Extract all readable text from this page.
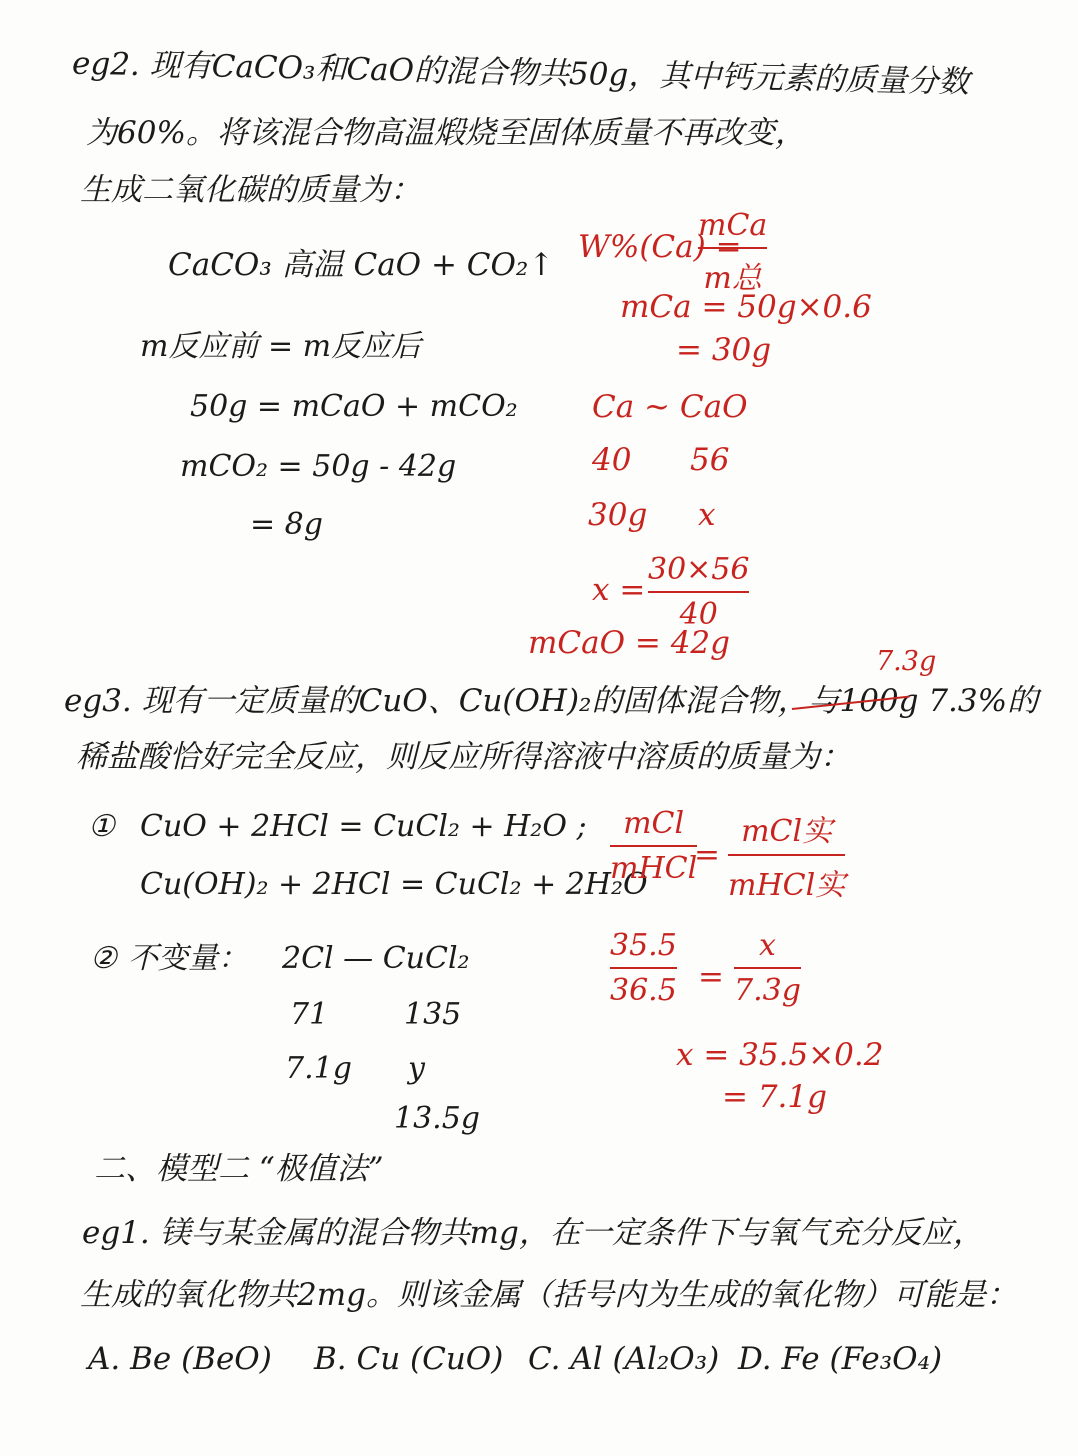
eg2. 现有CaCO₃和CaO的混合物共50g，其中钙元素的质量分数
为60%。将该混合物高温煅烧至固体质量不再改变，
生成二氧化碳的质量为：
CaCO₃ 高温 CaO + CO₂↑
m反应前 = m反应后
50g = mCaO + mCO₂
mCO₂ = 50g - 42g
= 8g
W%(Ca) =
mCa
m总
mCa = 50g×0.6
= 30g
Ca ~ CaO
40 56
30g x
x =
30×56
40
mCaO = 42g
7.3g
eg3. 现有一定质量的CuO、Cu(OH)₂的固体混合物，与100g 7.3%的
稀盐酸恰好完全反应，则反应所得溶液中溶质的质量为：
① CuO + 2HCl = CuCl₂ + H₂O ;
Cu(OH)₂ + 2HCl = CuCl₂ + 2H₂O
② 不变量： 2Cl — CuCl₂
71	135
7.1g y
13.5g
mCl
mHCl
=
mCl实
mHCl实
35.5
36.5 =
x
7.3g
x = 35.5×0.2
= 7.1g
二、模型二 “极值法”
eg1. 镁与某金属的混合物共mg，在一定条件下与氧气充分反应，
生成的氧化物共2mg。则该金属（括号内为生成的氧化物）可能是：
A. Be (BeO) B. Cu (CuO) C. Al (Al₂O₃) D. Fe (Fe₃O₄)
